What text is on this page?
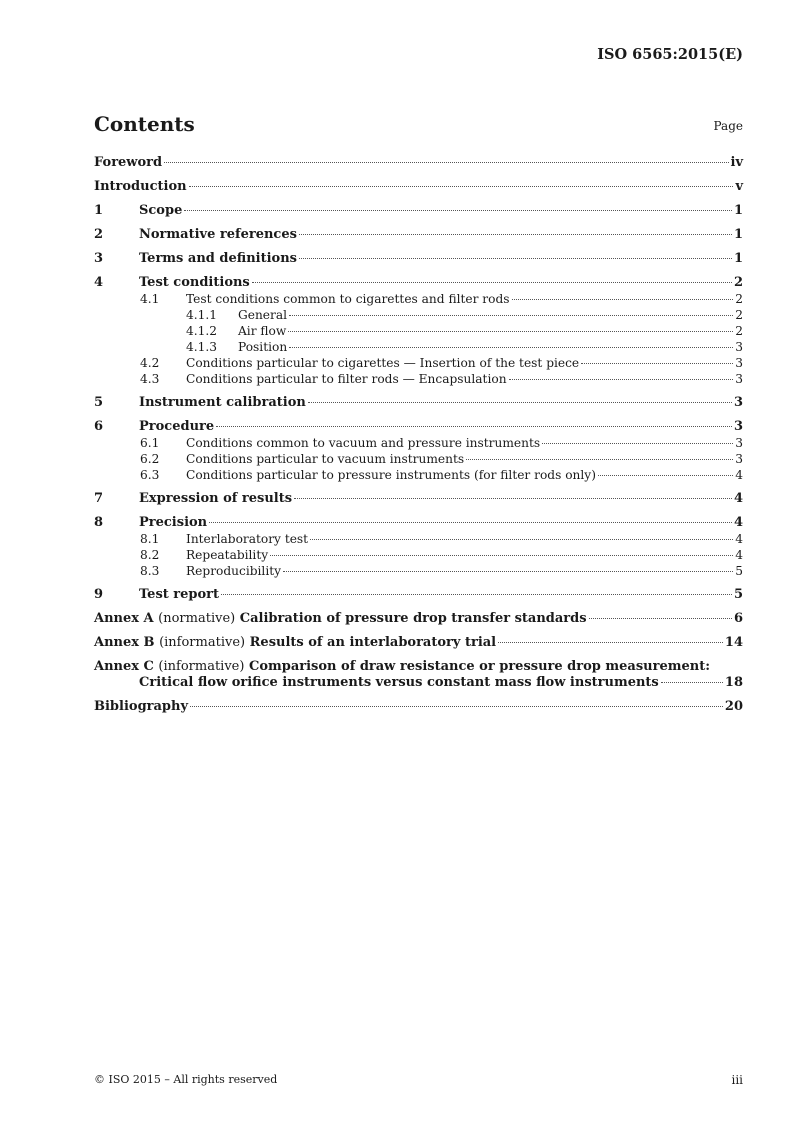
ISO 6565:2015(E)
Contents	Page
Foreword	iv
Introduction	v
1	Scope	1
2	Normative references	1
3	Terms and definitions	1
4	Test conditions	2
4.1	Test conditions common to cigarettes and filter rods	2
4.1.1	General	2
4.1.2	Air flow	2
4.1.3	Position	3
4.2	Conditions particular to cigarettes — Insertion of the test piece	3
4.3	Conditions particular to filter rods — Encapsulation	3
5	Instrument calibration	3
6	Procedure	3
6.1	Conditions common to vacuum and pressure instruments	3
6.2	Conditions particular to vacuum instruments	3
6.3	Conditions particular to pressure instruments (for filter rods only)	4
7	Expression of results	4
8	Precision	4
8.1	Interlaboratory test	4
8.2	Repeatability	4
8.3	Reproducibility	5
9	Test report	5
Annex A (normative) Calibration of pressure drop transfer standards	6
Annex B (informative) Results of an interlaboratory trial	14
Annex C (informative) Comparison of draw resistance or pressure drop measurement:
Critical flow orifice instruments versus constant mass flow instruments	18
Bibliography	20
© ISO 2015 – All rights reserved	iii
